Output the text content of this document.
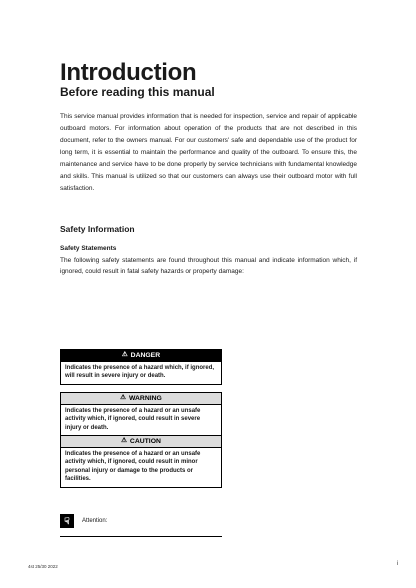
Introduction
Before reading this manual

This service manual provides information that is needed for inspection, service and repair of applicable outboard motors. For information about operation of the products that are not described in this document, refer to the owners manual. For our customers' safe and dependable use of the product for long term, it is essential to maintain the performance and quality of the outboard. To ensure this, the maintenance and service have to be done properly by service technicians with fundamental knowledge and skills. This manual is utilized so that our customers can always use their outboard motor with full satisfaction.

Safety Information
Safety Statements
The following safety statements are found throughout this manual and indicate information which, if ignored, could result in fatal safety hazards or property damage:
⚠ DANGER
Indicates the presence of a hazard which, if ignored, will result in severe injury or death.
⚠ WARNING
Indicates the presence of a hazard or an unsafe activity which, if ignored, could result in severe injury or death.
⚠ CAUTION
Indicates the presence of a hazard or an unsafe activity which, if ignored, could result in minor personal injury or damage to the products or facilities.
☟	Attention:
4st 25/30 2022	i
